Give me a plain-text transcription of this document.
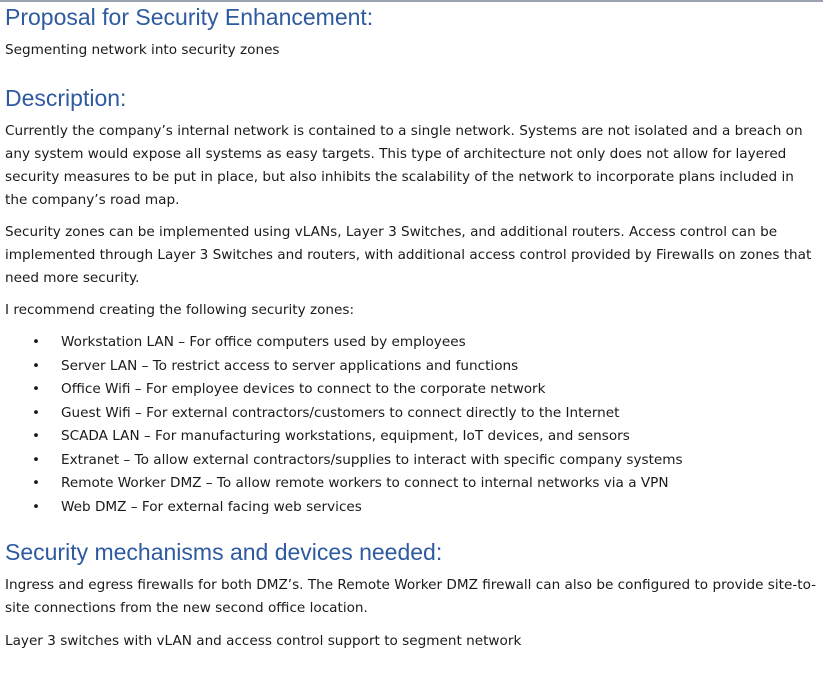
Proposal for Security Enhancement:

Segmenting network into security zones

Description:

Currently the company’s internal network is contained to a single network. Systems are not isolated and a breach on any system would expose all systems as easy targets. This type of architecture not only does not allow for layered security measures to be put in place, but also inhibits the scalability of the network to incorporate plans included in the company’s road map.

Security zones can be implemented using vLANs, Layer 3 Switches, and additional routers. Access control can be implemented through Layer 3 Switches and routers, with additional access control provided by Firewalls on zones that need more security.

I recommend creating the following security zones:

• Workstation LAN – For office computers used by employees
• Server LAN – To restrict access to server applications and functions
• Office Wifi – For employee devices to connect to the corporate network
• Guest Wifi – For external contractors/customers to connect directly to the Internet
• SCADA LAN – For manufacturing workstations, equipment, IoT devices, and sensors
• Extranet – To allow external contractors/supplies to interact with specific company systems
• Remote Worker DMZ – To allow remote workers to connect to internal networks via a VPN
• Web DMZ – For external facing web services
Security mechanisms and devices needed:

Ingress and egress firewalls for both DMZ’s. The Remote Worker DMZ firewall can also be configured to provide site-to-site connections from the new second office location.

Layer 3 switches with vLAN and access control support to segment network
